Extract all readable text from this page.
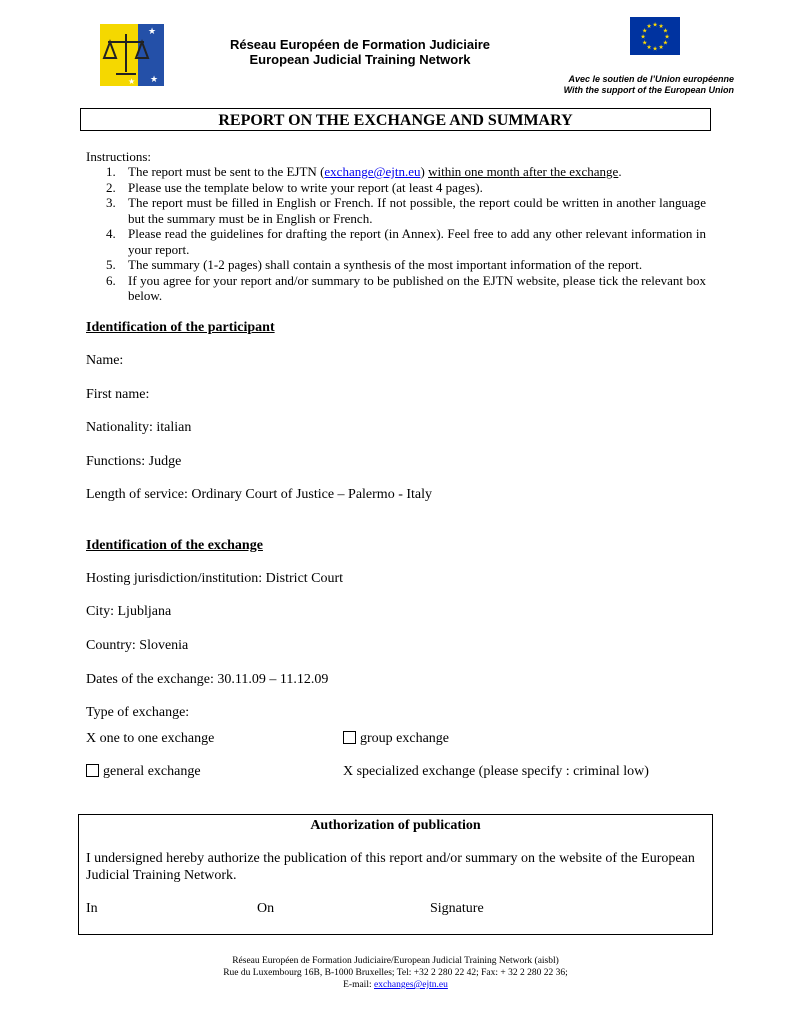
★
★
★
★
★
★
★
★
Réseau Européen de Formation Judiciaire
European Judicial Training Network
★
★
★
★
★
★
★
★
★ ★ ★
★
Avec le soutien de l’Union européenne
With the support of the European Union
REPORT ON THE EXCHANGE AND SUMMARY
Instructions:
1. The report must be sent to the EJTN (exchange@ejtn.eu) within one month after the exchange.
2. Please use the template below to write your report (at least 4 pages).
3. The report must be filled in English or French. If not possible, the report could be written in another language but the summary must be in English or French.
4. Please read the guidelines for drafting the report (in Annex). Feel free to add any other relevant information in your report.
5. The summary (1-2 pages) shall contain a synthesis of the most important information of the report.
6. If you agree for your report and/or summary to be published on the EJTN website, please tick the relevant box below.
Identification of the participant
Name:
First name:
Nationality: italian
Functions: Judge
Length of service: Ordinary Court of Justice – Palermo - Italy
Identification of the exchange
Hosting jurisdiction/institution: District Court
City: Ljubljana
Country: Slovenia
Dates of the exchange: 30.11.09 – 11.12.09
Type of exchange:
X one to one exchange	group exchange
general exchange	X specialized exchange (please specify : criminal low)
Authorization of publication
I undersigned hereby authorize the publication of this report and/or summary on the website of the European Judicial Training Network.
In	On	Signature
Réseau Européen de Formation Judiciaire/European Judicial Training Network (aisbl)
Rue du Luxembourg 16B, B-1000 Bruxelles; Tel: +32 2 280 22 42; Fax: + 32 2 280 22 36;
E-mail: exchanges@ejtn.eu
